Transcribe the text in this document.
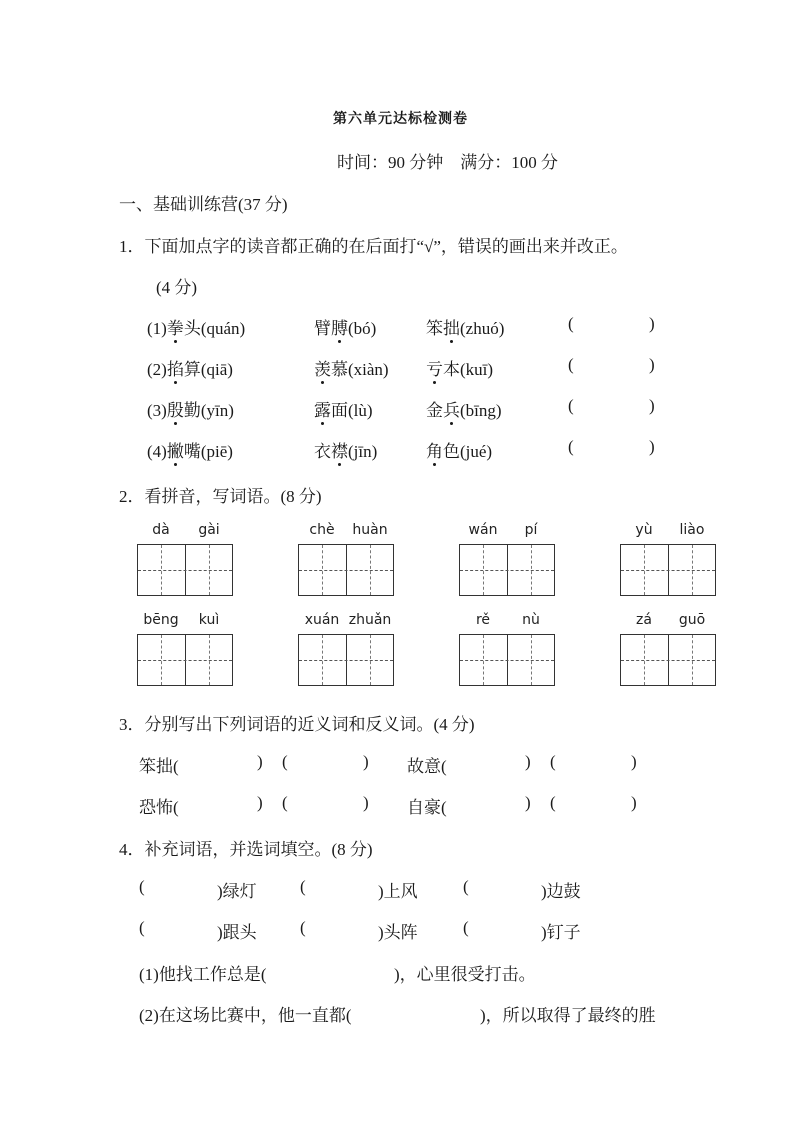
第六单元达标检测卷
时间：90 分钟　满分：100 分
一、基础训练营(37 分)
1．下面加点字的读音都正确的在后面打“√”，错误的画出来并改正。
(4 分)
(1)拳头(quán)	臂膊(bó)	笨拙(zhuó)	(	)
(2)掐算(qiā)	羡慕(xiàn) 亏本(kuī)	(	)
(3)殷勤(yīn)	露面(lù)	金兵(bīng)	(	)
(4)撇嘴(piē)	衣襟(jīn)	角色(jué)	(	)
2．看拼音，写词语。(8 分)
dà	gài	chè	huàn	wán	pí	yù	liào
bēng	kuì	xuán zhuǎn	rě	nù	zá	guō
3．分别写出下列词语的近义词和反义词。(4 分)
笨拙(	) (	) 故意(	) (	)
恐怖(	) (	) 自豪(	) (	)
4．补充词语，并选词填空。(8 分)
(	)绿灯	(	)上风	(	)边鼓
(	)跟头	(	)头阵	(	)钉子
(1)他找工作总是(	)，心里很受打击。
(2)在这场比赛中，他一直都(	)，所以取得了最终的胜
